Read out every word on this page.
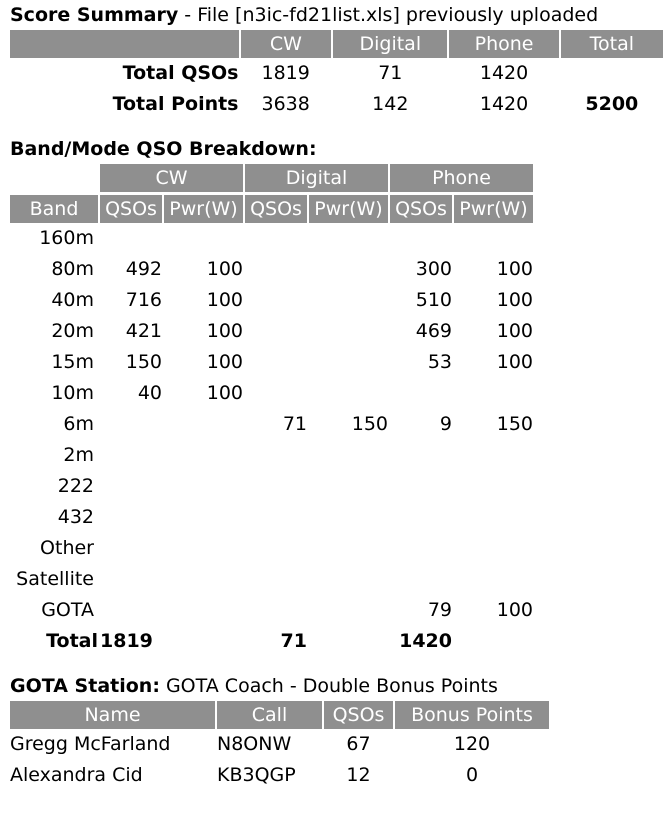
Score Summary - File [n3ic-fd21list.xls] previously uploaded
	CW	Digital	Phone	Total
Total QSOs	1819	71	1420	
Total Points	3638	142	1420	5200
Band/Mode QSO Breakdown:
	CW		Digital		Phone	
Band	QSOs	Pwr(W)	QSOs	Pwr(W)	QSOs	Pwr(W)
160m						
80m	492	100			300	100
40m	716	100			510	100
20m	421	100			469	100
15m	150	100			53	100
10m	40	100				
6m			71	150	9	150
2m						
222						
432						
Other						
Satellite						
GOTA					79	100
Total	1819		71		1420	
GOTA Station: GOTA Coach - Double Bonus Points
Name	Call	QSOs	Bonus Points
Gregg McFarland	N8ONW	67	120
Alexandra Cid	KB3QGP	12	0
